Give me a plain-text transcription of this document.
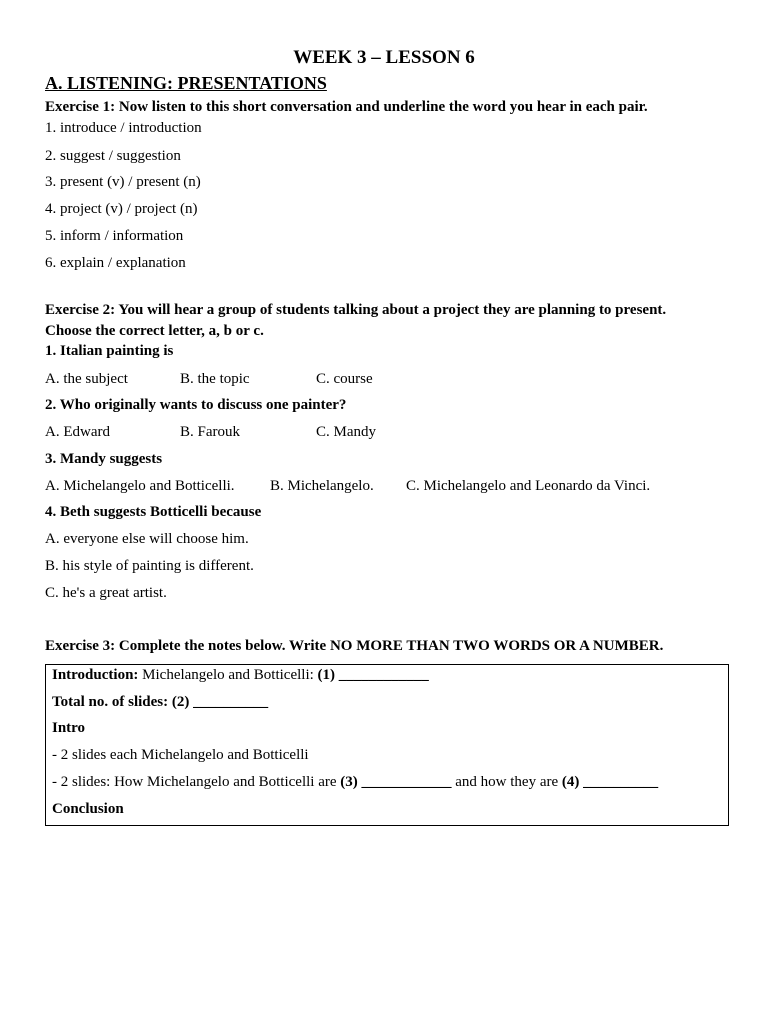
WEEK 3 – LESSON 6
A. LISTENING: PRESENTATIONS
Exercise 1: Now listen to this short conversation and underline the word you hear in each pair.
1. introduce / introduction
2. suggest / suggestion
3. present (v) / present (n)
4. project (v) / project (n)
5. inform / information
6. explain / explanation
Exercise 2: You will hear a group of students talking about a project they are planning to present.
Choose the correct letter, a, b or c.
1. Italian painting is
A. the subject	B. the topic	C. course
2. Who originally wants to discuss one painter?
A. Edward	B. Farouk	C. Mandy
3. Mandy suggests
A. Michelangelo and Botticelli. B. Michelangelo. C. Michelangelo and Leonardo da Vinci.
4. Beth suggests Botticelli because
A. everyone else will choose him.
B. his style of painting is different.
C. he's a great artist.
Exercise 3: Complete the notes below. Write NO MORE THAN TWO WORDS OR A NUMBER.
Introduction: Michelangelo and Botticelli: (1) ____________
Total no. of slides: (2) __________
Intro
- 2 slides each Michelangelo and Botticelli
- 2 slides: How Michelangelo and Botticelli are (3) ____________ and how they are (4) __________
Conclusion
